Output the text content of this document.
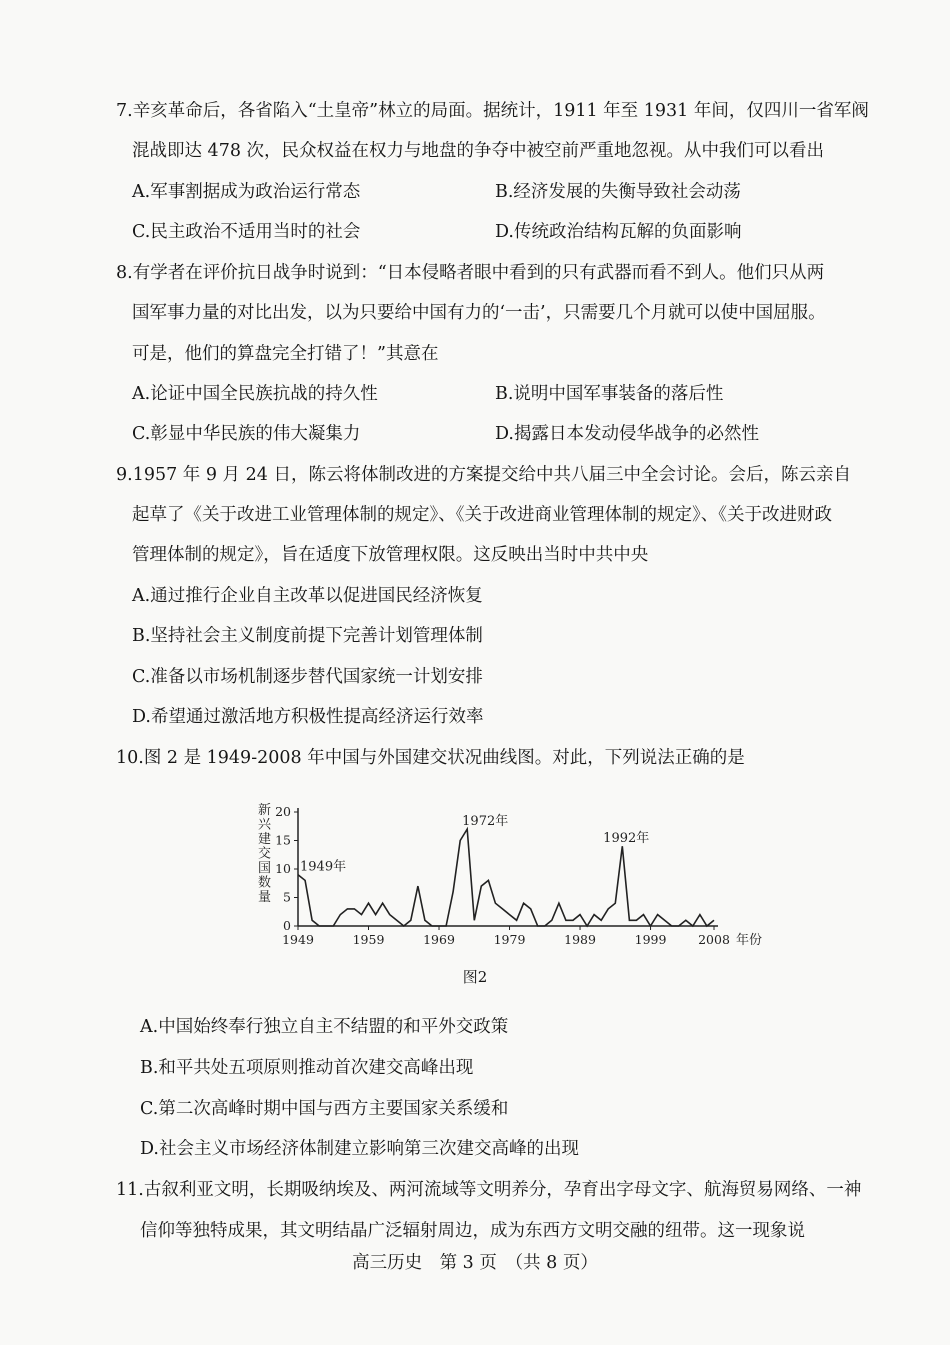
7.辛亥革命后，各省陷入“土皇帝”林立的局面。据统计，1911 年至 1931 年间，仅四川一省军阀
混战即达 478 次，民众权益在权力与地盘的争夺中被空前严重地忽视。从中我们可以看出
A.军事割据成为政治运行常态	B.经济发展的失衡导致社会动荡
C.民主政治不适用当时的社会	D.传统政治结构瓦解的负面影响
8.有学者在评价抗日战争时说到：“日本侵略者眼中看到的只有武器而看不到人。他们只从两
国军事力量的对比出发，以为只要给中国有力的‘一击’，只需要几个月就可以使中国屈服。
可是，他们的算盘完全打错了！”其意在
A.论证中国全民族抗战的持久性	B.说明中国军事装备的落后性
C.彰显中华民族的伟大凝集力	D.揭露日本发动侵华战争的必然性
9.1957 年 9 月 24 日，陈云将体制改进的方案提交给中共八届三中全会讨论。会后，陈云亲自
起草了《关于改进工业管理体制的规定》、《关于改进商业管理体制的规定》、《关于改进财政
管理体制的规定》，旨在适度下放管理权限。这反映出当时中共中央
A.通过推行企业自主改革以促进国民经济恢复
B.坚持社会主义制度前提下完善计划管理体制
C.准备以市场机制逐步替代国家统一计划安排
D.希望通过激活地方积极性提高经济运行效率
10.图 2 是 1949-2008 年中国与外国建交状况曲线图。对此，下列说法正确的是
新兴建交国数量
0
5
10
15
20
1949	1959	1969	1979	1989	1999	2008
1949年
1972年
1992年
年份
图2
A.中国始终奉行独立自主不结盟的和平外交政策
B.和平共处五项原则推动首次建交高峰出现
C.第二次高峰时期中国与西方主要国家关系缓和
D.社会主义市场经济体制建立影响第三次建交高峰的出现
11.古叙利亚文明，长期吸纳埃及、两河流域等文明养分，孕育出字母文字、航海贸易网络、一神
信仰等独特成果，其文明结晶广泛辐射周边，成为东西方文明交融的纽带。这一现象说
高三历史　第 3 页　（共 8 页）
